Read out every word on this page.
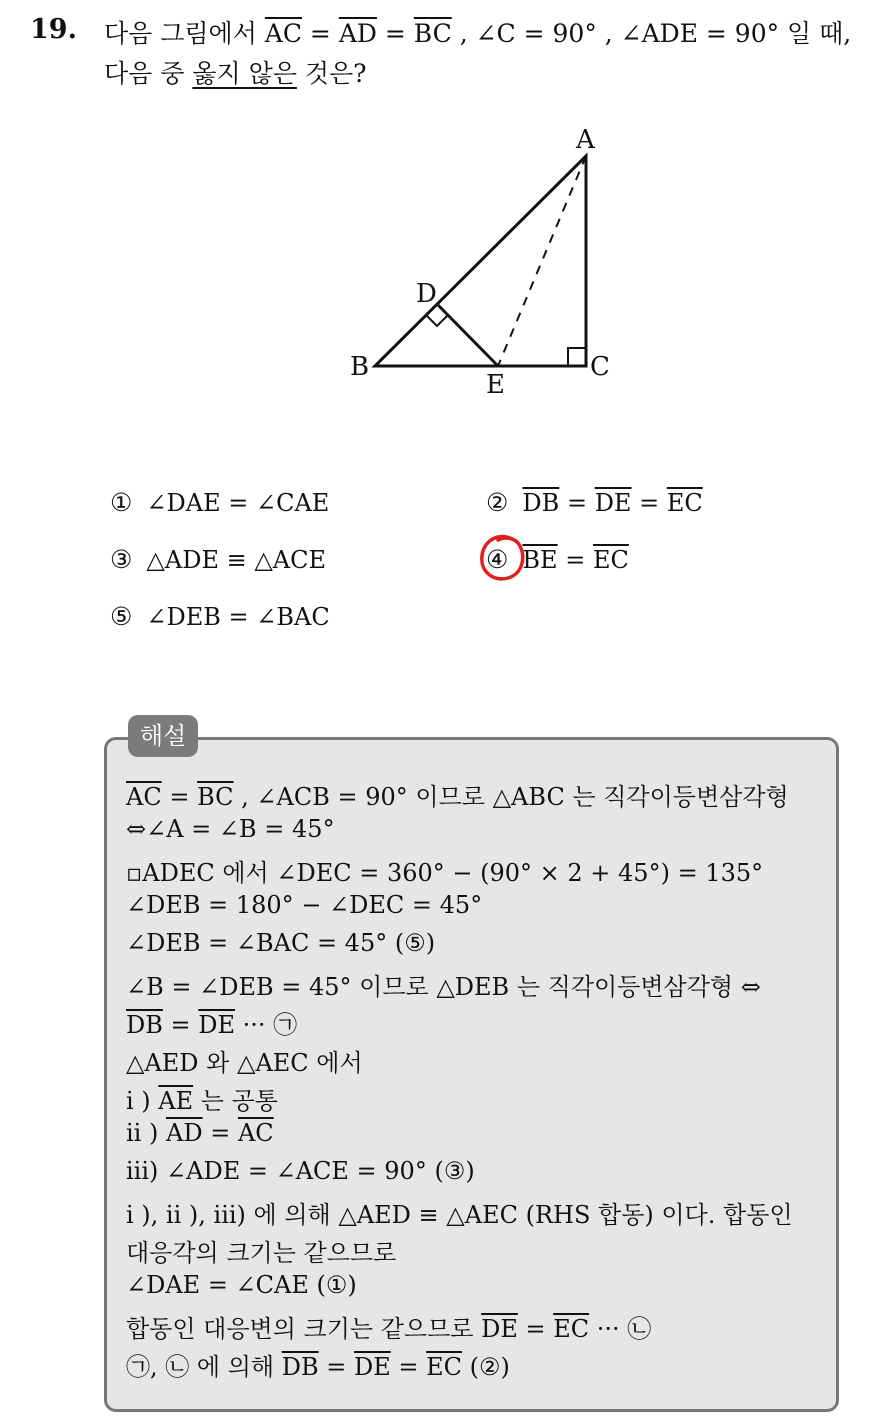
19. 다음 그림에서 $\overline{AC} = \overline{AD} = \overline{BC}$ , ∠C = 90° , ∠ADE = 90° 일 때,
다음 중 옳지 않은 것은?
A
B	C
D
E
① ∠DAE = ∠CAE	② $\overline{DB} = \overline{DE} = \overline{EC}$
③ △ADE ≡ △ACE	④ $\overline{BE} = \overline{EC}$
⑤ ∠DEB = ∠BAC
해설
$\overline{AC} = \overline{BC}$ , ∠ACB = 90° 이므로 △ABC 는 직각이등변삼각형
⇔∠A = ∠B = 45°
▫ADEC 에서 ∠DEC = 360° − (90° × 2 + 45°) = 135°
∠DEB = 180° − ∠DEC = 45°
∠DEB = ∠BAC = 45° (⑤)
∠B = ∠DEB = 45° 이므로 △DEB 는 직각이등변삼각형 ⇔
$\overline{DB} = \overline{DE}$ ··· ㉠
△AED 와 △AEC 에서
i ) $\overline{AE}$ 는 공통
ii ) $\overline{AD} = \overline{AC}$
iii) ∠ADE = ∠ACE = 90° (③)
i ), ii ), iii) 에 의해 △AED ≡ △AEC (RHS 합동) 이다. 합동인
대응각의 크기는 같으므로
∠DAE = ∠CAE (①)
합동인 대응변의 크기는 같으므로 $\overline{DE} = \overline{EC}$ ··· ㉡
㉠, ㉡ 에 의해 $\overline{DB} = \overline{DE} = \overline{EC}$ (②)
